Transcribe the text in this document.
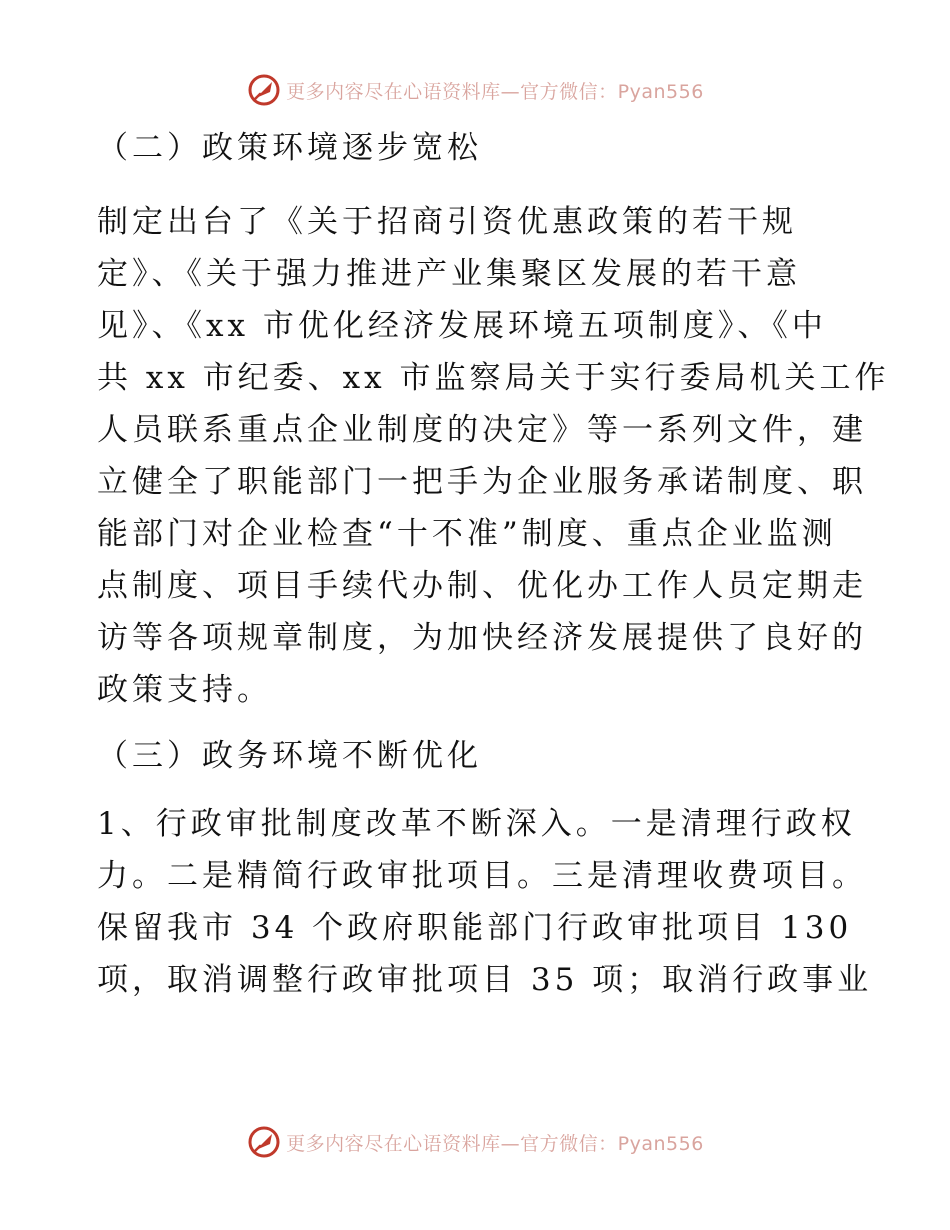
更多内容尽在心语资料库—官方微信：Pyan556
（二）政策环境逐步宽松
制定出台了《关于招商引资优惠政策的若干规
定》、《关于强力推进产业集聚区发展的若干意
见》、《xx 市优化经济发展环境五项制度》、《中
共 xx 市纪委、xx 市监察局关于实行委局机关工作
人员联系重点企业制度的决定》等一系列文件，建
立健全了职能部门一把手为企业服务承诺制度、职
能部门对企业检查“十不准”制度、重点企业监测
点制度、项目手续代办制、优化办工作人员定期走
访等各项规章制度，为加快经济发展提供了良好的
政策支持。
（三）政务环境不断优化
1、行政审批制度改革不断深入。一是清理行政权
力。二是精简行政审批项目。三是清理收费项目。
保留我市 34 个政府职能部门行政审批项目 130
项，取消调整行政审批项目 35 项；取消行政事业
更多内容尽在心语资料库—官方微信：Pyan556
